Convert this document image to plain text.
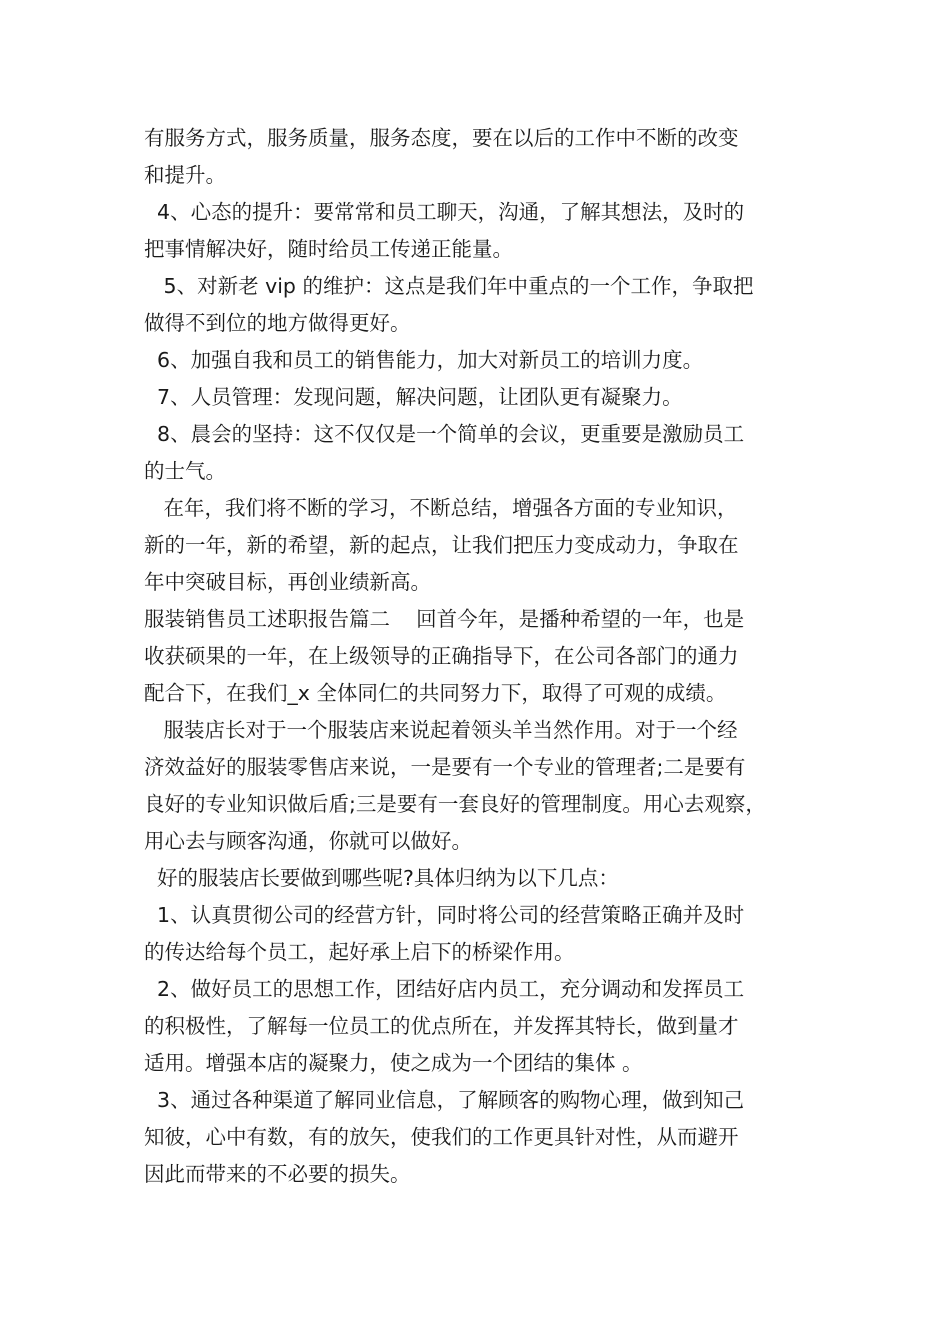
有服务方式，服务质量，服务态度，要在以后的工作中不断的改变
和提升。
4、心态的提升：要常常和员工聊天，沟通，了解其想法，及时的
把事情解决好，随时给员工传递正能量。
5、对新老 vip 的维护：这点是我们年中重点的一个工作，争取把
做得不到位的地方做得更好。
6、加强自我和员工的销售能力，加大对新员工的培训力度。
7、人员管理：发现问题，解决问题，让团队更有凝聚力。
8、晨会的坚持：这不仅仅是一个简单的会议，更重要是激励员工
的士气。
在年，我们将不断的学习，不断总结，增强各方面的专业知识，
新的一年，新的希望，新的起点，让我们把压力变成动力，争取在
年中突破目标，再创业绩新高。
服装销售员工述职报告篇二    回首今年，是播种希望的一年，也是
收获硕果的一年，在上级领导的正确指导下，在公司各部门的通力
配合下，在我们_x 全体同仁的共同努力下，取得了可观的成绩。
服装店长对于一个服装店来说起着领头羊当然作用。对于一个经
济效益好的服装零售店来说，一是要有一个专业的管理者;二是要有
良好的专业知识做后盾;三是要有一套良好的管理制度。用心去观察，
用心去与顾客沟通，你就可以做好。
好的服装店长要做到哪些呢?具体归纳为以下几点：
1、认真贯彻公司的经营方针，同时将公司的经营策略正确并及时
的传达给每个员工，起好承上启下的桥梁作用。
2、做好员工的思想工作，团结好店内员工，充分调动和发挥员工
的积极性，了解每一位员工的优点所在，并发挥其特长，做到量才
适用。增强本店的凝聚力，使之成为一个团结的集体 。
3、通过各种渠道了解同业信息，了解顾客的购物心理，做到知己
知彼，心中有数，有的放矢，使我们的工作更具针对性，从而避开
因此而带来的不必要的损失。
